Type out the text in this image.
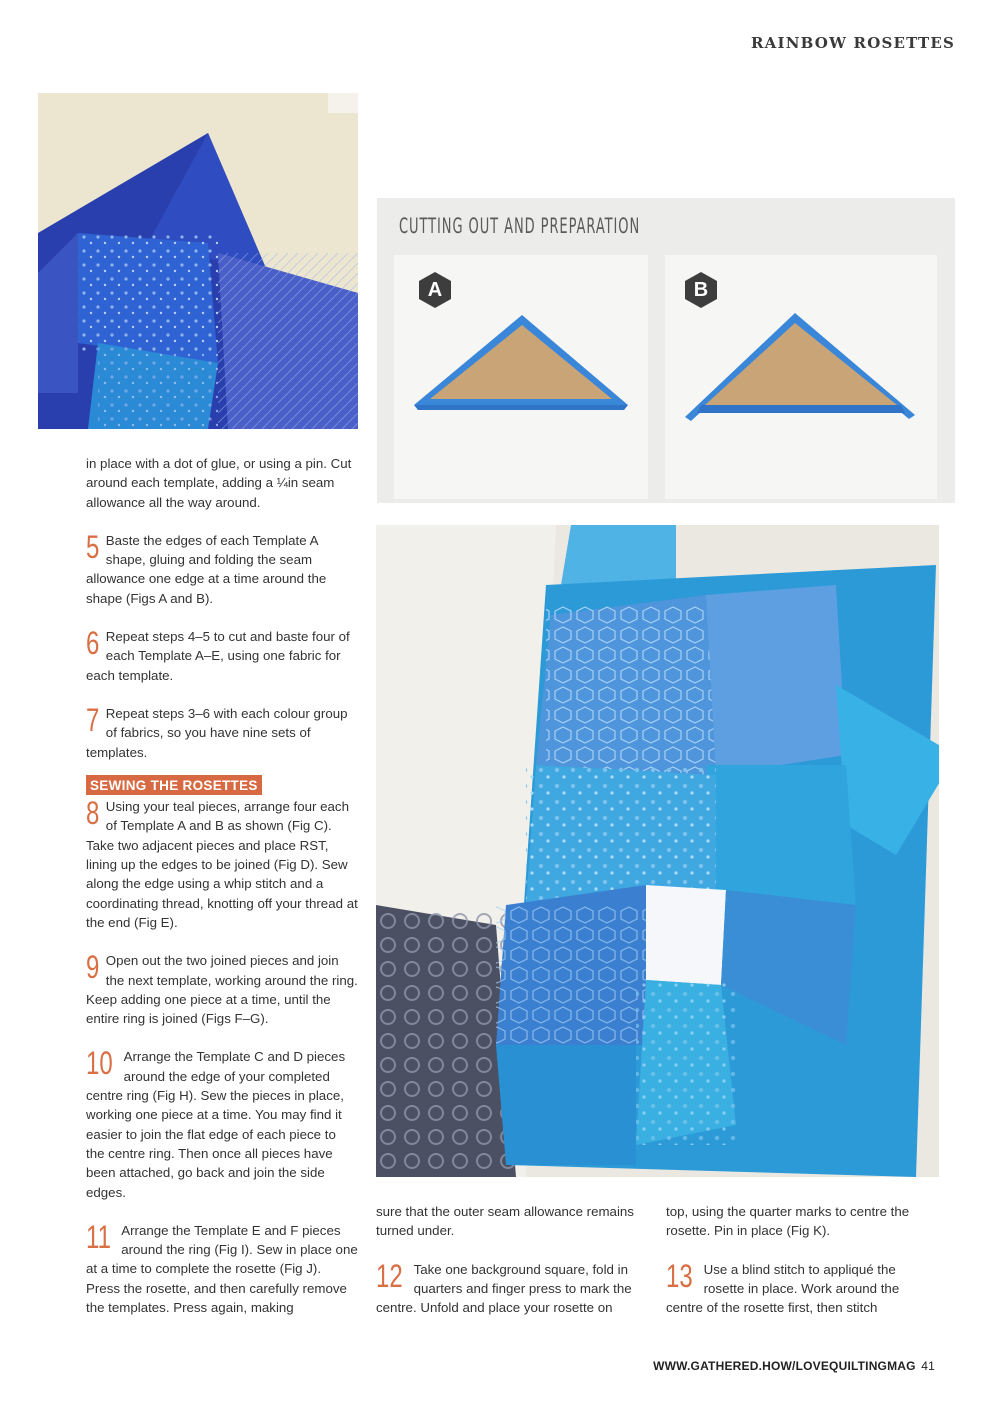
RAINBOW ROSETTES
CUTTING OUT AND PREPARATION
A	B

in place with a dot of glue, or using a pin. Cut around each template, adding a ¼in seam allowance all the way around.

5 Baste the edges of each Template A shape, gluing and folding the seam allowance one edge at a time around the shape (Figs A and B).

6 Repeat steps 4–5 to cut and baste four of each Template A–E, using one fabric for each template.

7 Repeat steps 3–6 with each colour group of fabrics, so you have nine sets of templates.

SEWING THE ROSETTES

8 Using your teal pieces, arrange four each of Template A and B as shown (Fig C). Take two adjacent pieces and place RST, lining up the edges to be joined (Fig D). Sew along the edge using a whip stitch and a coordinating thread, knotting off your thread at the end (Fig E).

9 Open out the two joined pieces and join the next template, working around the ring. Keep adding one piece at a time, until the entire ring is joined (Figs F–G).

10 Arrange the Template C and D pieces around the edge of your completed centre ring (Fig H). Sew the pieces in place, working one piece at a time. You may find it easier to join the flat edge of each piece to the centre ring. Then once all pieces have been attached, go back and join the side edges.

11 Arrange the Template E and F pieces around the ring (Fig I). Sew in place one at a time to complete the rosette (Fig J). Press the rosette, and then carefully remove the templates. Press again, making

sure that the outer seam allowance remains turned under.

12 Take one background square, fold in quarters and finger press to mark the centre. Unfold and place your rosette on

top, using the quarter marks to centre the rosette. Pin in place (Fig K).

13 Use a blind stitch to appliqué the rosette in place. Work around the centre of the rosette first, then stitch

WWW.GATHERED.HOW/LOVEQUILTINGMAG 41
